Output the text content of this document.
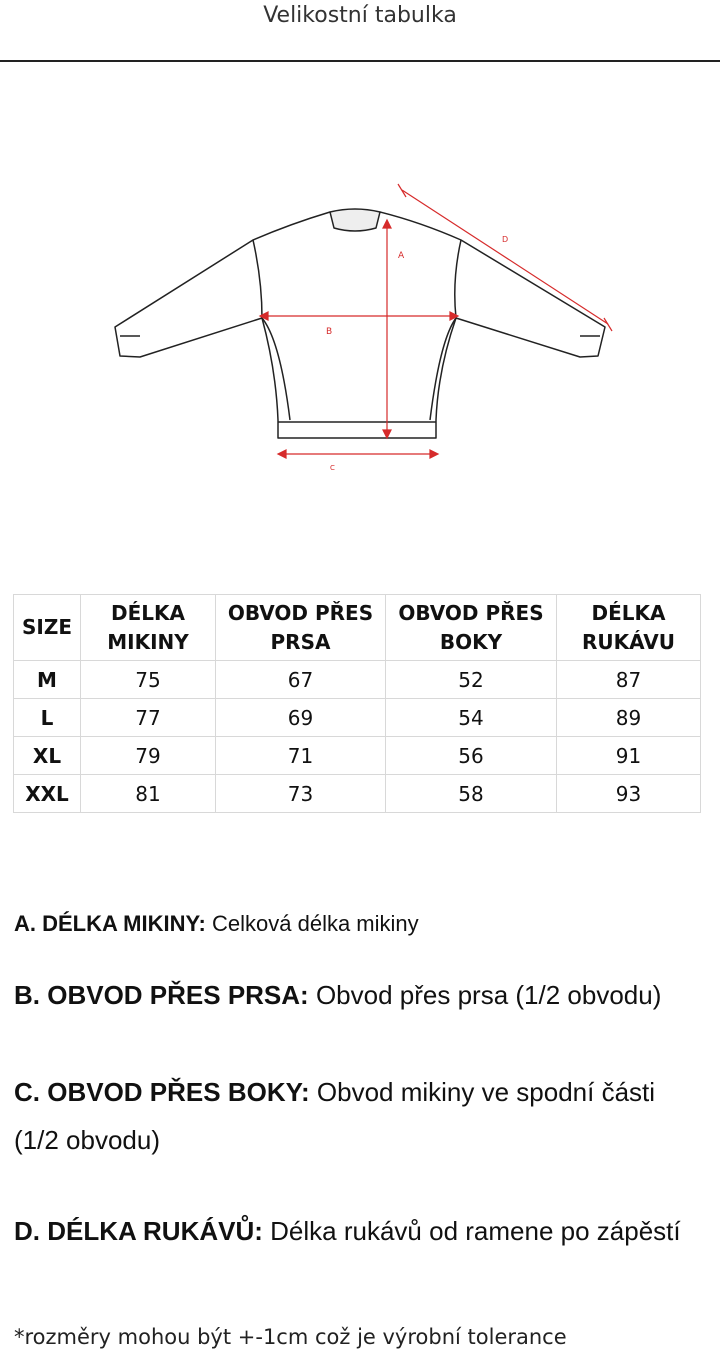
Velikostní tabulka
A
B
C
D
SIZE	DÉLKA MIKINY	OBVOD PŘES PRSA	OBVOD PŘES BOKY	DÉLKA RUKÁVU
M	75	67	52	87
L	77	69	54	89
XL	79	71	56	91
XXL	81	73	58	93
A. DÉLKA MIKINY: Celková délka mikiny
B. OBVOD PŘES PRSA: Obvod přes prsa (1/2 obvodu)
C. OBVOD PŘES BOKY: Obvod mikiny ve spodní části (1/2 obvodu)
D. DÉLKA RUKÁVŮ: Délka rukávů od ramene po zápěstí
*rozměry mohou být +-1cm což je výrobní tolerance
